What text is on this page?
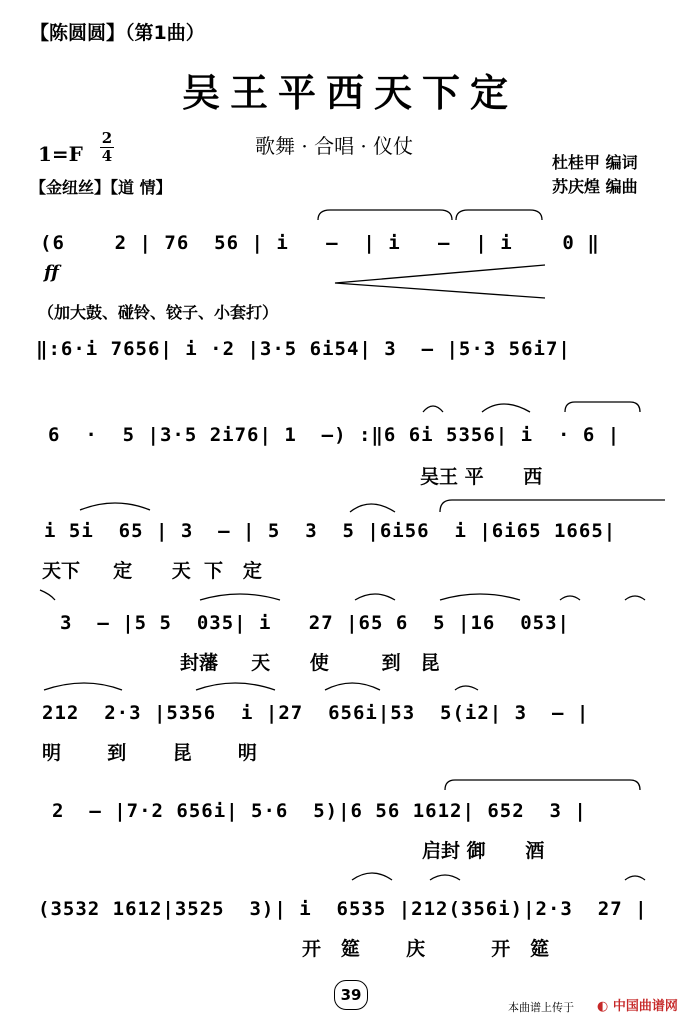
【陈圆圆】（第1曲）
吴王平西天下定
1=F
2
4	歌舞 · 合唱 · 仪仗
【金纽丝】【道 情】
杜桂甲 编词
苏庆煌 编曲
ff
（加大鼓、碰铃、铰子、小套打）
(6    2 | 76  56 | i   —  | i   —  | i    0 ‖
‖:6·i 7656| i ·2 |3·5 6i54| 3  — |5·3 56i7|
6  ·  5 |3·5 2i76| 1  —) :‖6 6i 5356| i  · 6 |
吴王 平      西
i 5i  65 | 3  — | 5  3  5 |6i56  i |6i65 1665|
天下     定      天  下   定
3  — |5 5  035| i   27 |65 6  5 |16  053|
封藩     天      使        到   昆
212  2·3 |5356  i |27  656i|53  5(i2| 3  — |
明       到       昆       明
2  — |7·2 656i| 5·6  5)|6 56 1612| 652  3 |
启封 御      酒
(3532 1612|3525  3)| i  6535 |212(356i)|2·3  27 |
开   筵       庆          开   筵
39
本曲谱上传于 ◐ 中国曲谱网
